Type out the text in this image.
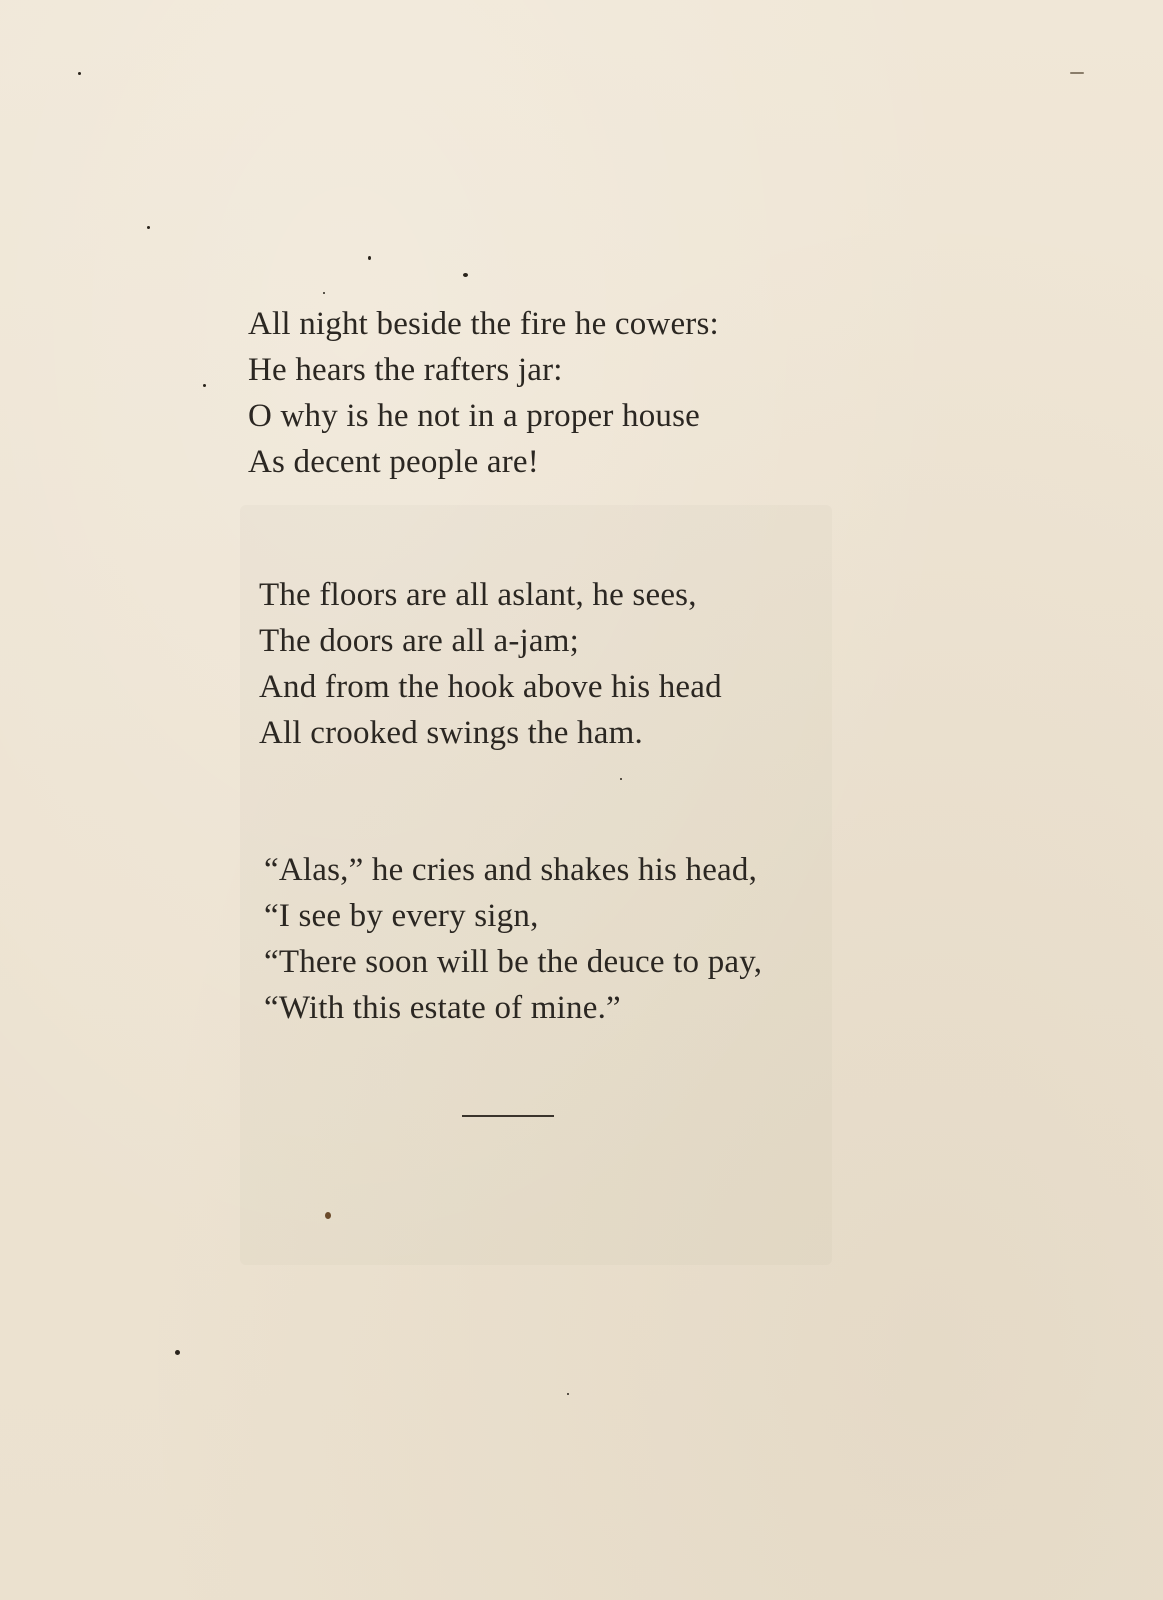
All night beside the fire he cowers:
He hears the rafters jar:
O why is he not in a proper house
As decent people are!
The floors are all aslant, he sees,
The doors are all a-jam;
And from the hook above his head
All crooked swings the ham.
“Alas,” he cries and shakes his head,
“I see by every sign,
“There soon will be the deuce to pay,
“With this estate of mine.”
